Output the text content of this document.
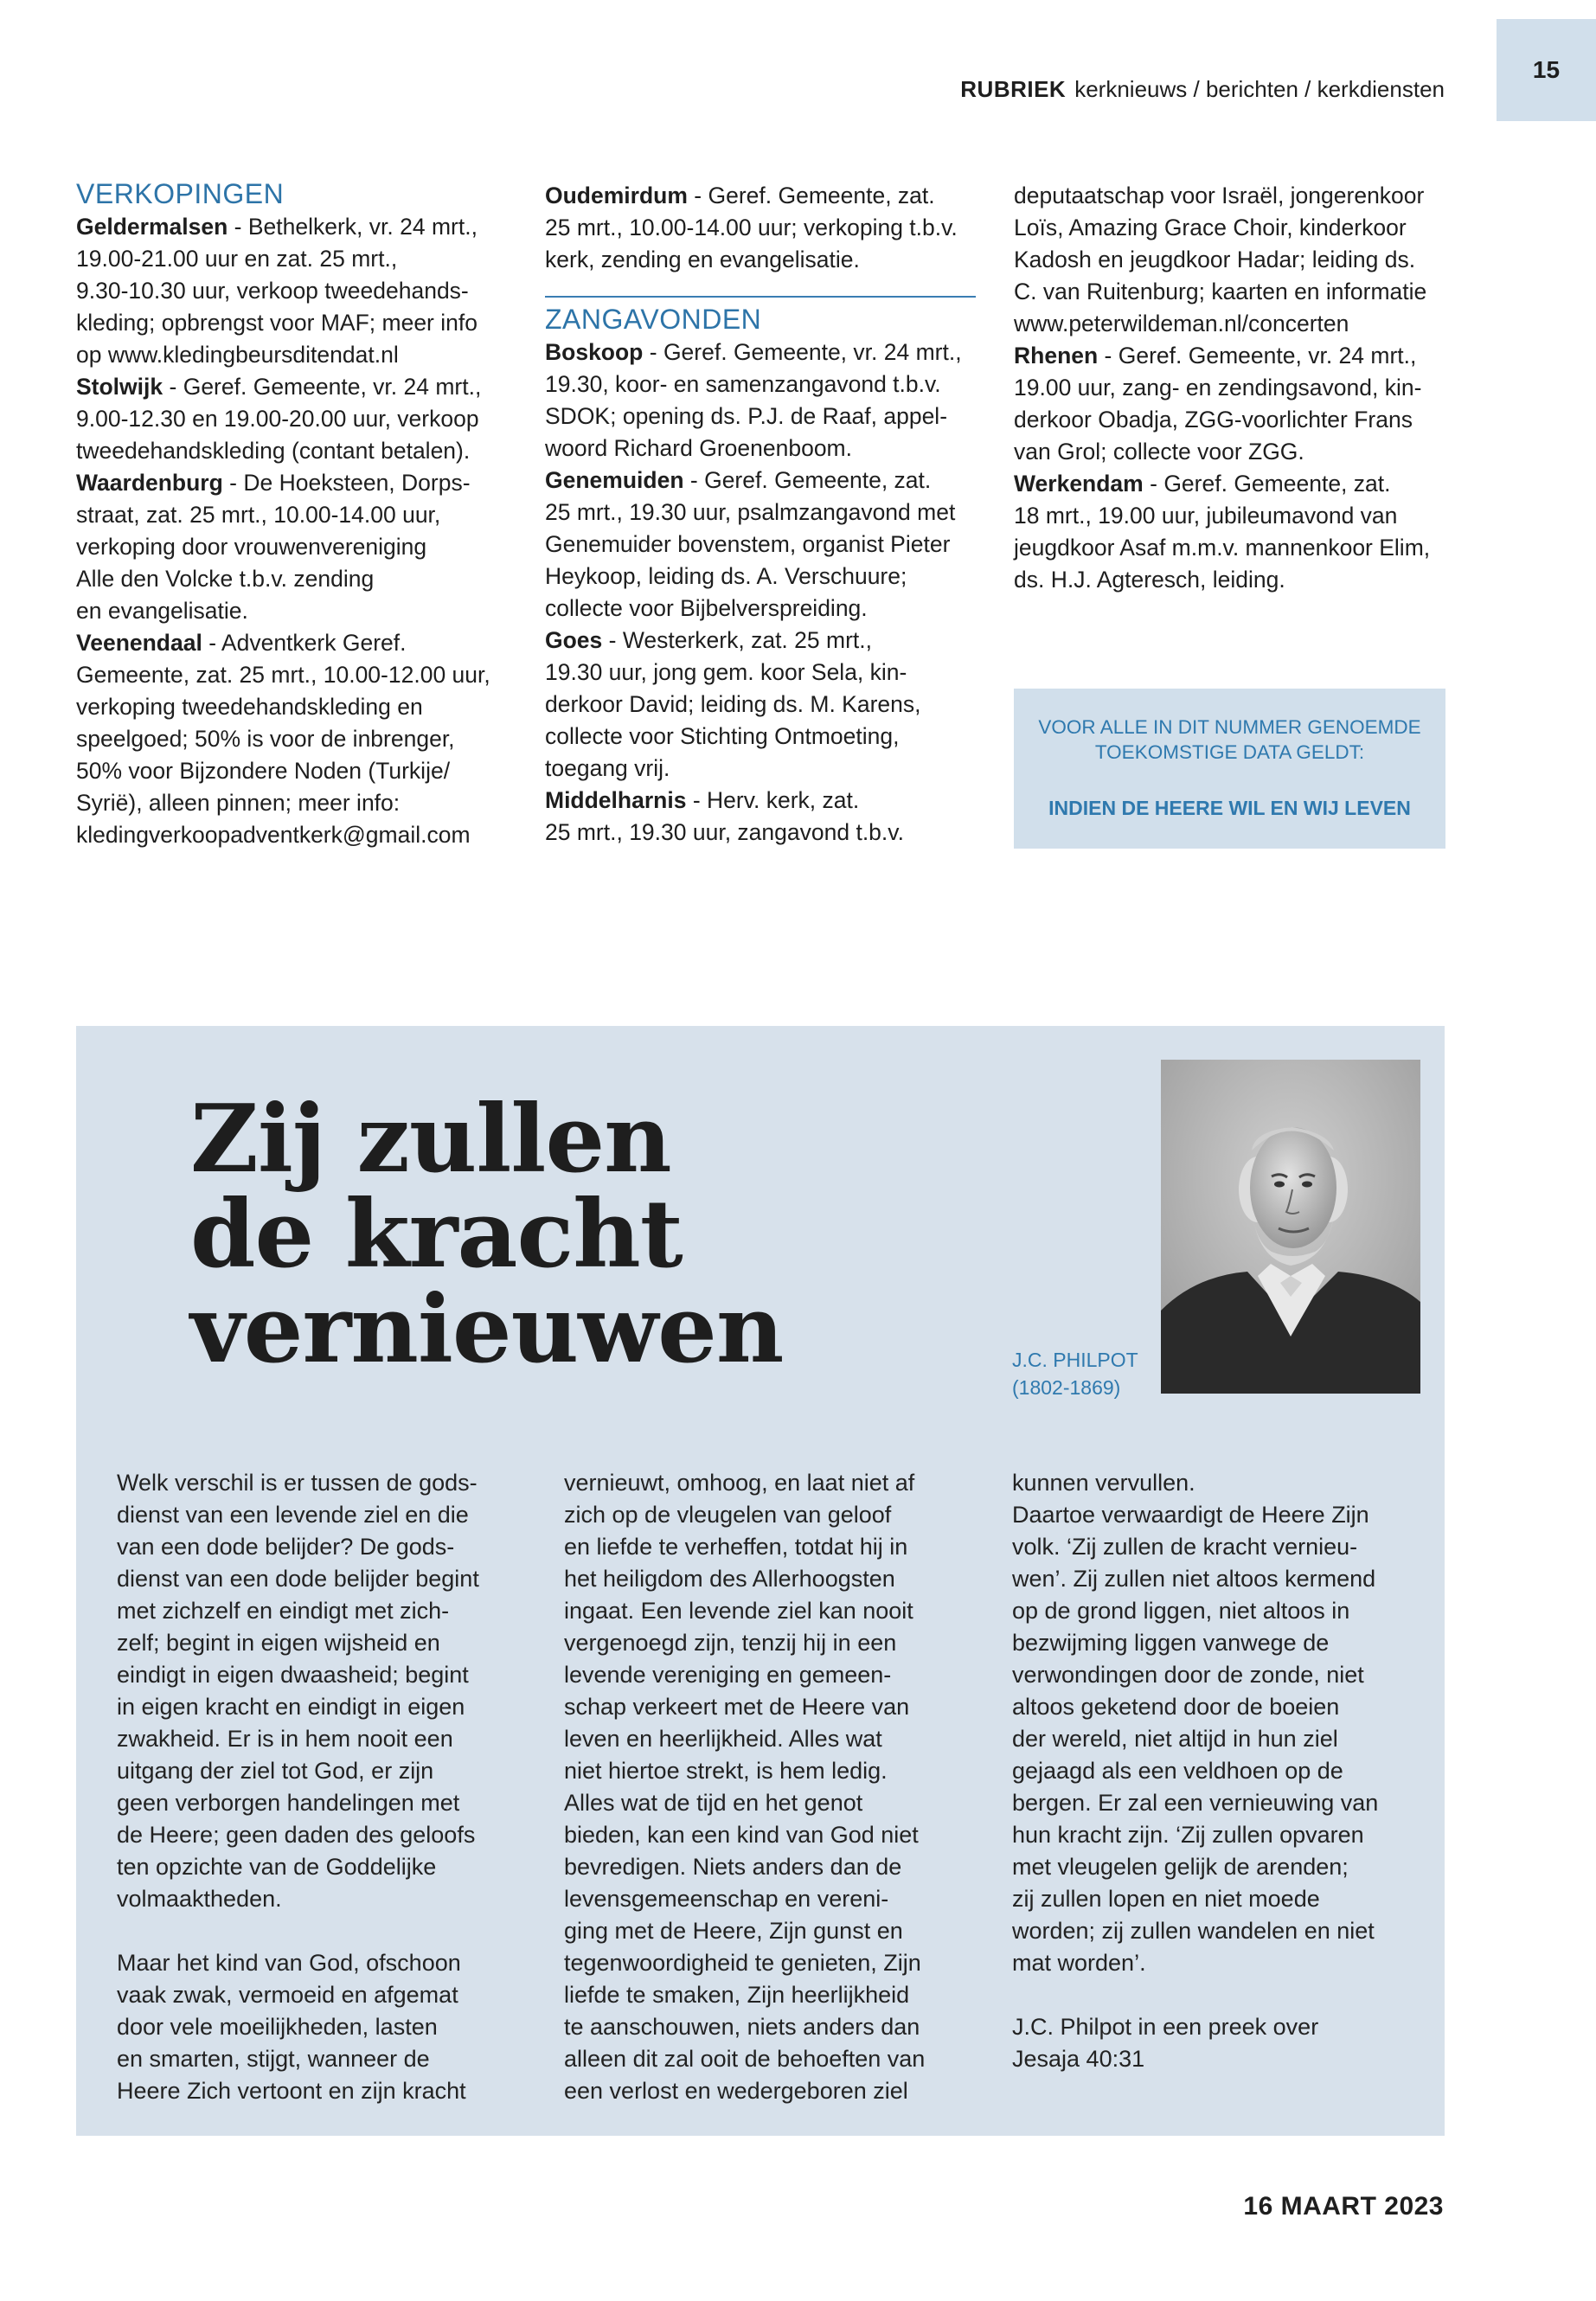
RUBRIEK kerknieuws / berichten / kerkdiensten
15
VERKOPINGEN

Geldermalsen - Bethelkerk, vr. 24 mrt.,
19.00-21.00 uur en zat. 25 mrt.,
9.30-10.30 uur, verkoop tweedehands-
kleding; opbrengst voor MAF; meer info
op www.kledingbeursditendat.nl

Stolwijk - Geref. Gemeente, vr. 24 mrt.,
9.00-12.30 en 19.00-20.00 uur, verkoop
tweedehandskleding (contant betalen).

Waardenburg - De Hoeksteen, Dorps-
straat, zat. 25 mrt., 10.00-14.00 uur,
verkoping door vrouwenvereniging
Alle den Volcke t.b.v. zending
en evangelisatie.

Veenendaal - Adventkerk Geref.
Gemeente, zat. 25 mrt., 10.00-12.00 uur,
verkoping tweedehandskleding en
speelgoed; 50% is voor de inbrenger,
50% voor Bijzondere Noden (Turkije/
Syrië), alleen pinnen; meer info:
kledingverkoopadventkerk@gmail.com

Oudemirdum - Geref. Gemeente, zat.
25 mrt., 10.00-14.00 uur; verkoping t.b.v.
kerk, zending en evangelisatie.

ZANGAVONDEN

Boskoop - Geref. Gemeente, vr. 24 mrt.,
19.30, koor- en samenzangavond t.b.v.
SDOK; opening ds. P.J. de Raaf, appel-
woord Richard Groenenboom.

Genemuiden - Geref. Gemeente, zat.
25 mrt., 19.30 uur, psalmzangavond met
Genemuider bovenstem, organist Pieter
Heykoop, leiding ds. A. Verschuure;
collecte voor Bijbelverspreiding.

Goes - Westerkerk, zat. 25 mrt.,
19.30 uur, jong gem. koor Sela, kin-
derkoor David; leiding ds. M. Karens,
collecte voor Stichting Ontmoeting,
toegang vrij.

Middelharnis - Herv. kerk, zat.
25 mrt., 19.30 uur, zangavond t.b.v.

deputaatschap voor Israël, jongerenkoor
Loïs, Amazing Grace Choir, kinderkoor
Kadosh en jeugdkoor Hadar; leiding ds.
C. van Ruitenburg; kaarten en informatie
www.peterwildeman.nl/concerten

Rhenen - Geref. Gemeente, vr. 24 mrt.,
19.00 uur, zang- en zendingsavond, kin-
derkoor Obadja, ZGG-voorlichter Frans
van Grol; collecte voor ZGG.

Werkendam - Geref. Gemeente, zat.
18 mrt., 19.00 uur, jubileumavond van
jeugdkoor Asaf m.m.v. mannenkoor Elim,
ds. H.J. Agteresch, leiding.

VOOR ALLE IN DIT NUMMER GENOEMDE
TOEKOMSTIGE DATA GELDT:
INDIEN DE HEERE WIL EN WIJ LEVEN
Zij zullen
de kracht
vernieuwen	J.C. PHILPOT
(1802-1869)

Welk verschil is er tussen de gods-
dienst van een levende ziel en die
van een dode belijder? De gods-
dienst van een dode belijder begint
met zichzelf en eindigt met zich-
zelf; begint in eigen wijsheid en
eindigt in eigen dwaasheid; begint
in eigen kracht en eindigt in eigen
zwakheid. Er is in hem nooit een
uitgang der ziel tot God, er zijn
geen verborgen handelingen met
de Heere; geen daden des geloofs
ten opzichte van de Goddelijke
volmaaktheden.

Maar het kind van God, ofschoon
vaak zwak, vermoeid en afgemat
door vele moeilijkheden, lasten
en smarten, stijgt, wanneer de
Heere Zich vertoont en zijn kracht

vernieuwt, omhoog, en laat niet af
zich op de vleugelen van geloof
en liefde te verheffen, totdat hij in
het heiligdom des Allerhoogsten
ingaat. Een levende ziel kan nooit
vergenoegd zijn, tenzij hij in een
levende vereniging en gemeen-
schap verkeert met de Heere van
leven en heerlijkheid. Alles wat
niet hiertoe strekt, is hem ledig.
Alles wat de tijd en het genot
bieden, kan een kind van God niet
bevredigen. Niets anders dan de
levensgemeenschap en vereni-
ging met de Heere, Zijn gunst en
tegenwoordigheid te genieten, Zijn
liefde te smaken, Zijn heerlijkheid
te aanschouwen, niets anders dan
alleen dit zal ooit de behoeften van
een verlost en wedergeboren ziel

kunnen vervullen.
Daartoe verwaardigt de Heere Zijn
volk. ‘Zij zullen de kracht vernieu-
wen’. Zij zullen niet altoos kermend
op de grond liggen, niet altoos in
bezwijming liggen vanwege de
verwondingen door de zonde, niet
altoos geketend door de boeien
der wereld, niet altijd in hun ziel
gejaagd als een veldhoen op de
bergen. Er zal een vernieuwing van
hun kracht zijn. ‘Zij zullen opvaren
met vleugelen gelijk de arenden;
zij zullen lopen en niet moede
worden; zij zullen wandelen en niet
mat worden’.

J.C. Philpot in een preek over
Jesaja 40:31

16 MAART 2023
